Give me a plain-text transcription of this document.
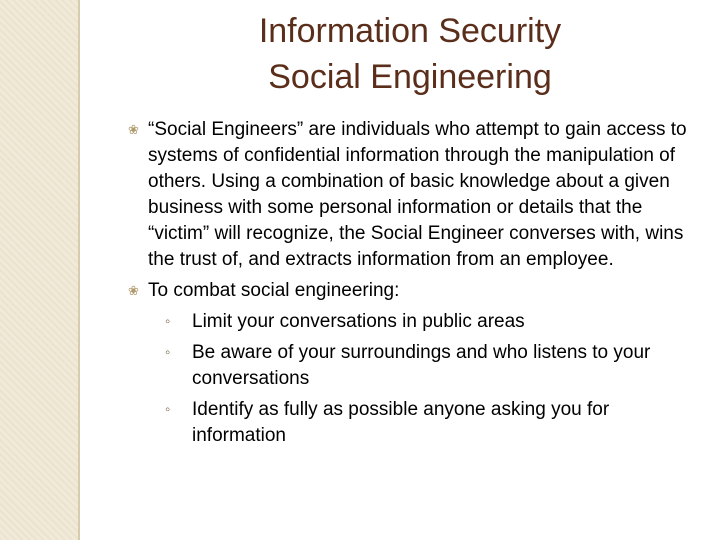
Information Security
Social Engineering
❀ “Social Engineers” are individuals who attempt to gain access to systems of confidential information through the manipulation of others. Using a combination of basic knowledge about a given business with some personal information or details that the “victim” will recognize, the Social Engineer converses with, wins the trust of, and extracts information from an employee.
❀ To combat social engineering:
◦ Limit your conversations in public areas
◦ Be aware of your surroundings and who listens to your conversations
◦ Identify as fully as possible anyone asking you for information
